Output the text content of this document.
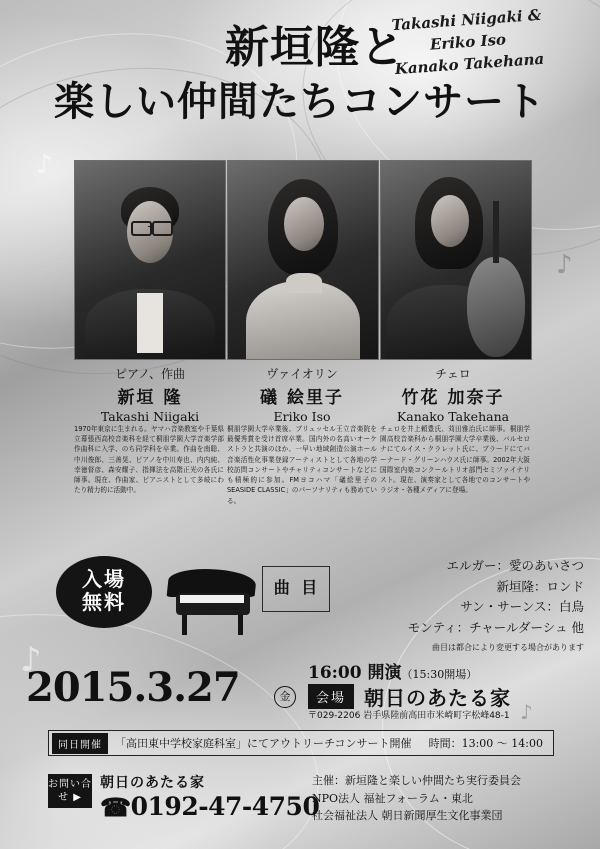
♪
♪
♪
♪
新垣隆と
楽しい仲間たちコンサート
Takashi Niigaki &
Eriko Iso
Kanako Takehana
ピアノ、作曲
新垣 隆
Takashi Niigaki
ヴァイオリン
礒 絵里子
Eriko Iso
チェロ
竹花 加奈子
Kanako Takehana
1970年東京に生まれる。ヤマハ音楽教室や千葉県立幕張西高校音楽科を経て桐朋学園大学音楽学部作曲科に入学、のち同学科を卒業。作曲を南聡、中川俊郎、三善晃、ピアノを中川寿也、内内純、幸徳督彦、森安耀子、指揮法を高階正光の各氏に師事。現在、作曲家、ピアニストとして多岐にわたり精力的に活動中。
桐朋学園大学卒業後、ブリュッセル王立音楽院を最優秀賞を受け首席卒業。国内外の名高いオーケストラと共演のほか、一早い地域創造公演ホール音楽活性化事業登録アーティストとして各地の学校訪問コンサートやチャリティコンサートなどにも積極的に参加。FMヨコハマ「礒絵里子のSEASIDE CLASSIC」のパーソナリティも務めている。
チェロを井上頼豊氏、苅田雅治氏に師事。桐朋学園高校音楽科から桐朋学園大学卒業後、バルセロナにてルイス・クラレット氏に、ブラードにてバーナード・グリーンハウス氏に師事。2002年大阪国際室内楽コンクールトリオ部門セミファイナリスト。現在、演奏家として各地でのコンサートやラジオ・各種メディアに登場。
入場
無料
曲 目
エルガー：愛のあいさつ
新垣隆：ロンド
サン・サーンス：白鳥
モンティ：チャールダーシュ 他
曲目は都合により変更する場合があります
2015.3.27	金
16:00 開演（15:30開場）
会場 朝日のあたる家
〒029-2206 岩手県陸前高田市米崎町字松峰48-1
同日開催	「高田東中学校家庭科室」にてアウトリーチコンサート開催	時間：13:00 〜 14:00
お問い合せ ▶
朝日のあたる家
☎0192-47-4750
主催：新垣隆と楽しい仲間たち実行委員会
NPO法人 福祉フォーラム・東北
社会福祉法人 朝日新聞厚生文化事業団
